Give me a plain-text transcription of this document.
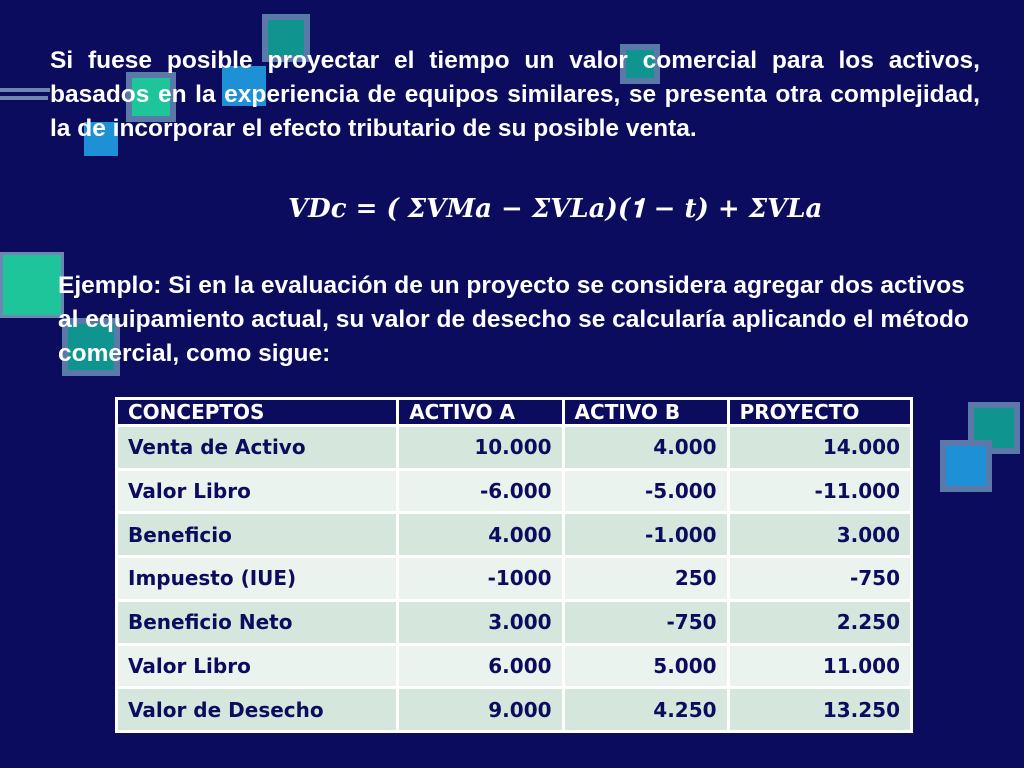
Si fuese posible proyectar el tiempo un valor comercial para los activos, basados en la experiencia de equipos similares, se presenta otra complejidad, la de incorporar el efecto tributario de su posible venta.

𝑽𝑫𝒄 = ( 𝜮𝑽𝑴𝒂 − 𝜮𝑽𝑳𝒂)(𝟏 − 𝒕) + 𝜮𝑽𝑳𝒂

Ejemplo: Si en la evaluación de un proyecto se considera agregar dos activos al equipamiento actual, su valor de desecho se calcularía aplicando el método comercial, como sigue:

CONCEPTOS	ACTIVO A	ACTIVO B	PROYECTO
Venta de Activo	10.000	4.000	14.000
Valor Libro	-6.000	-5.000	-11.000
Beneficio	4.000	-1.000	3.000
Impuesto (IUE)	-1000	250	-750
Beneficio Neto	3.000	-750	2.250
Valor Libro	6.000	5.000	11.000
Valor de Desecho	9.000	4.250	13.250
